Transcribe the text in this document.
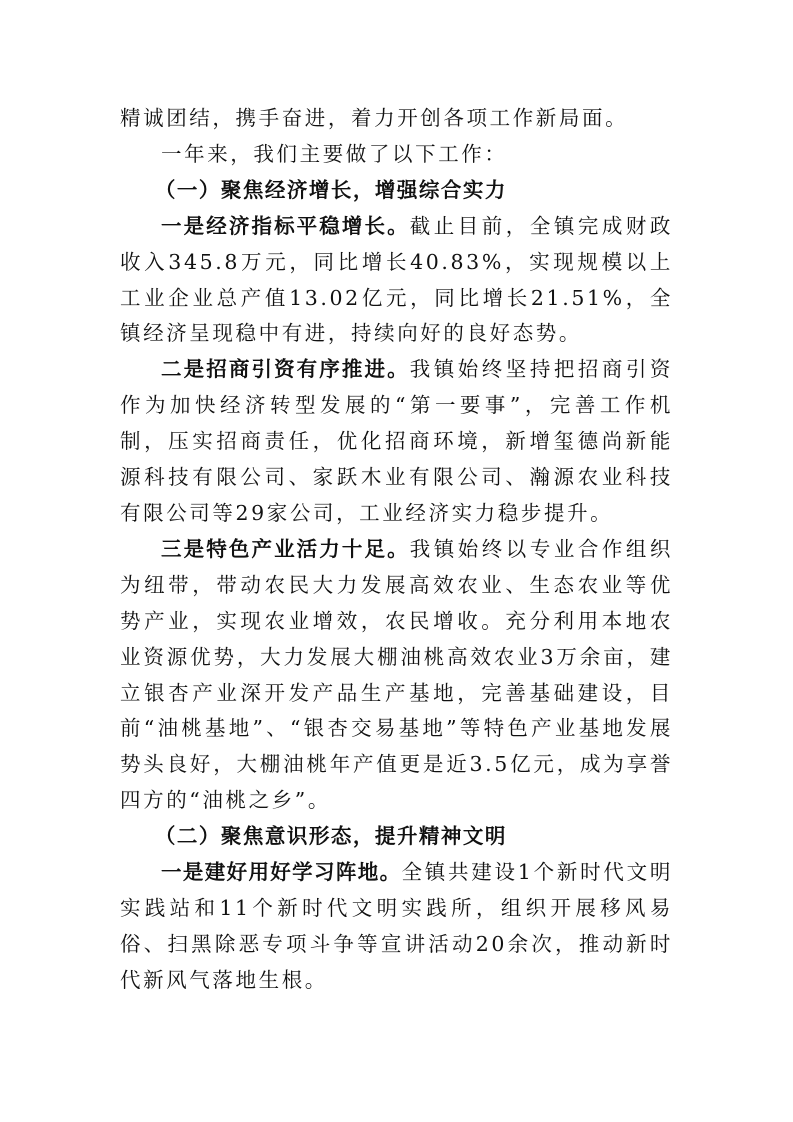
精诚团结，携手奋进，着力开创各项工作新局面。

一年来，我们主要做了以下工作：

（一）聚焦经济增长，增强综合实力

一是经济指标平稳增长。截止目前，全镇完成财政收入345.8万元，同比增长40.83%，实现规模以上工业企业总产值13.02亿元，同比增长21.51%，全镇经济呈现稳中有进，持续向好的良好态势。

二是招商引资有序推进。我镇始终坚持把招商引资作为加快经济转型发展的“第一要事”，完善工作机制，压实招商责任，优化招商环境，新增玺德尚新能源科技有限公司、家跃木业有限公司、瀚源农业科技有限公司等29家公司，工业经济实力稳步提升。

三是特色产业活力十足。我镇始终以专业合作组织为纽带，带动农民大力发展高效农业、生态农业等优势产业，实现农业增效，农民增收。充分利用本地农业资源优势，大力发展大棚油桃高效农业3万余亩，建立银杏产业深开发产品生产基地，完善基础建设，目前“油桃基地”、“银杏交易基地”等特色产业基地发展势头良好，大棚油桃年产值更是近3.5亿元，成为享誉四方的“油桃之乡”。

（二）聚焦意识形态，提升精神文明

一是建好用好学习阵地。全镇共建设1个新时代文明实践站和11个新时代文明实践所，组织开展移风易俗、扫黑除恶专项斗争等宣讲活动20余次，推动新时代新风气落地生根。
